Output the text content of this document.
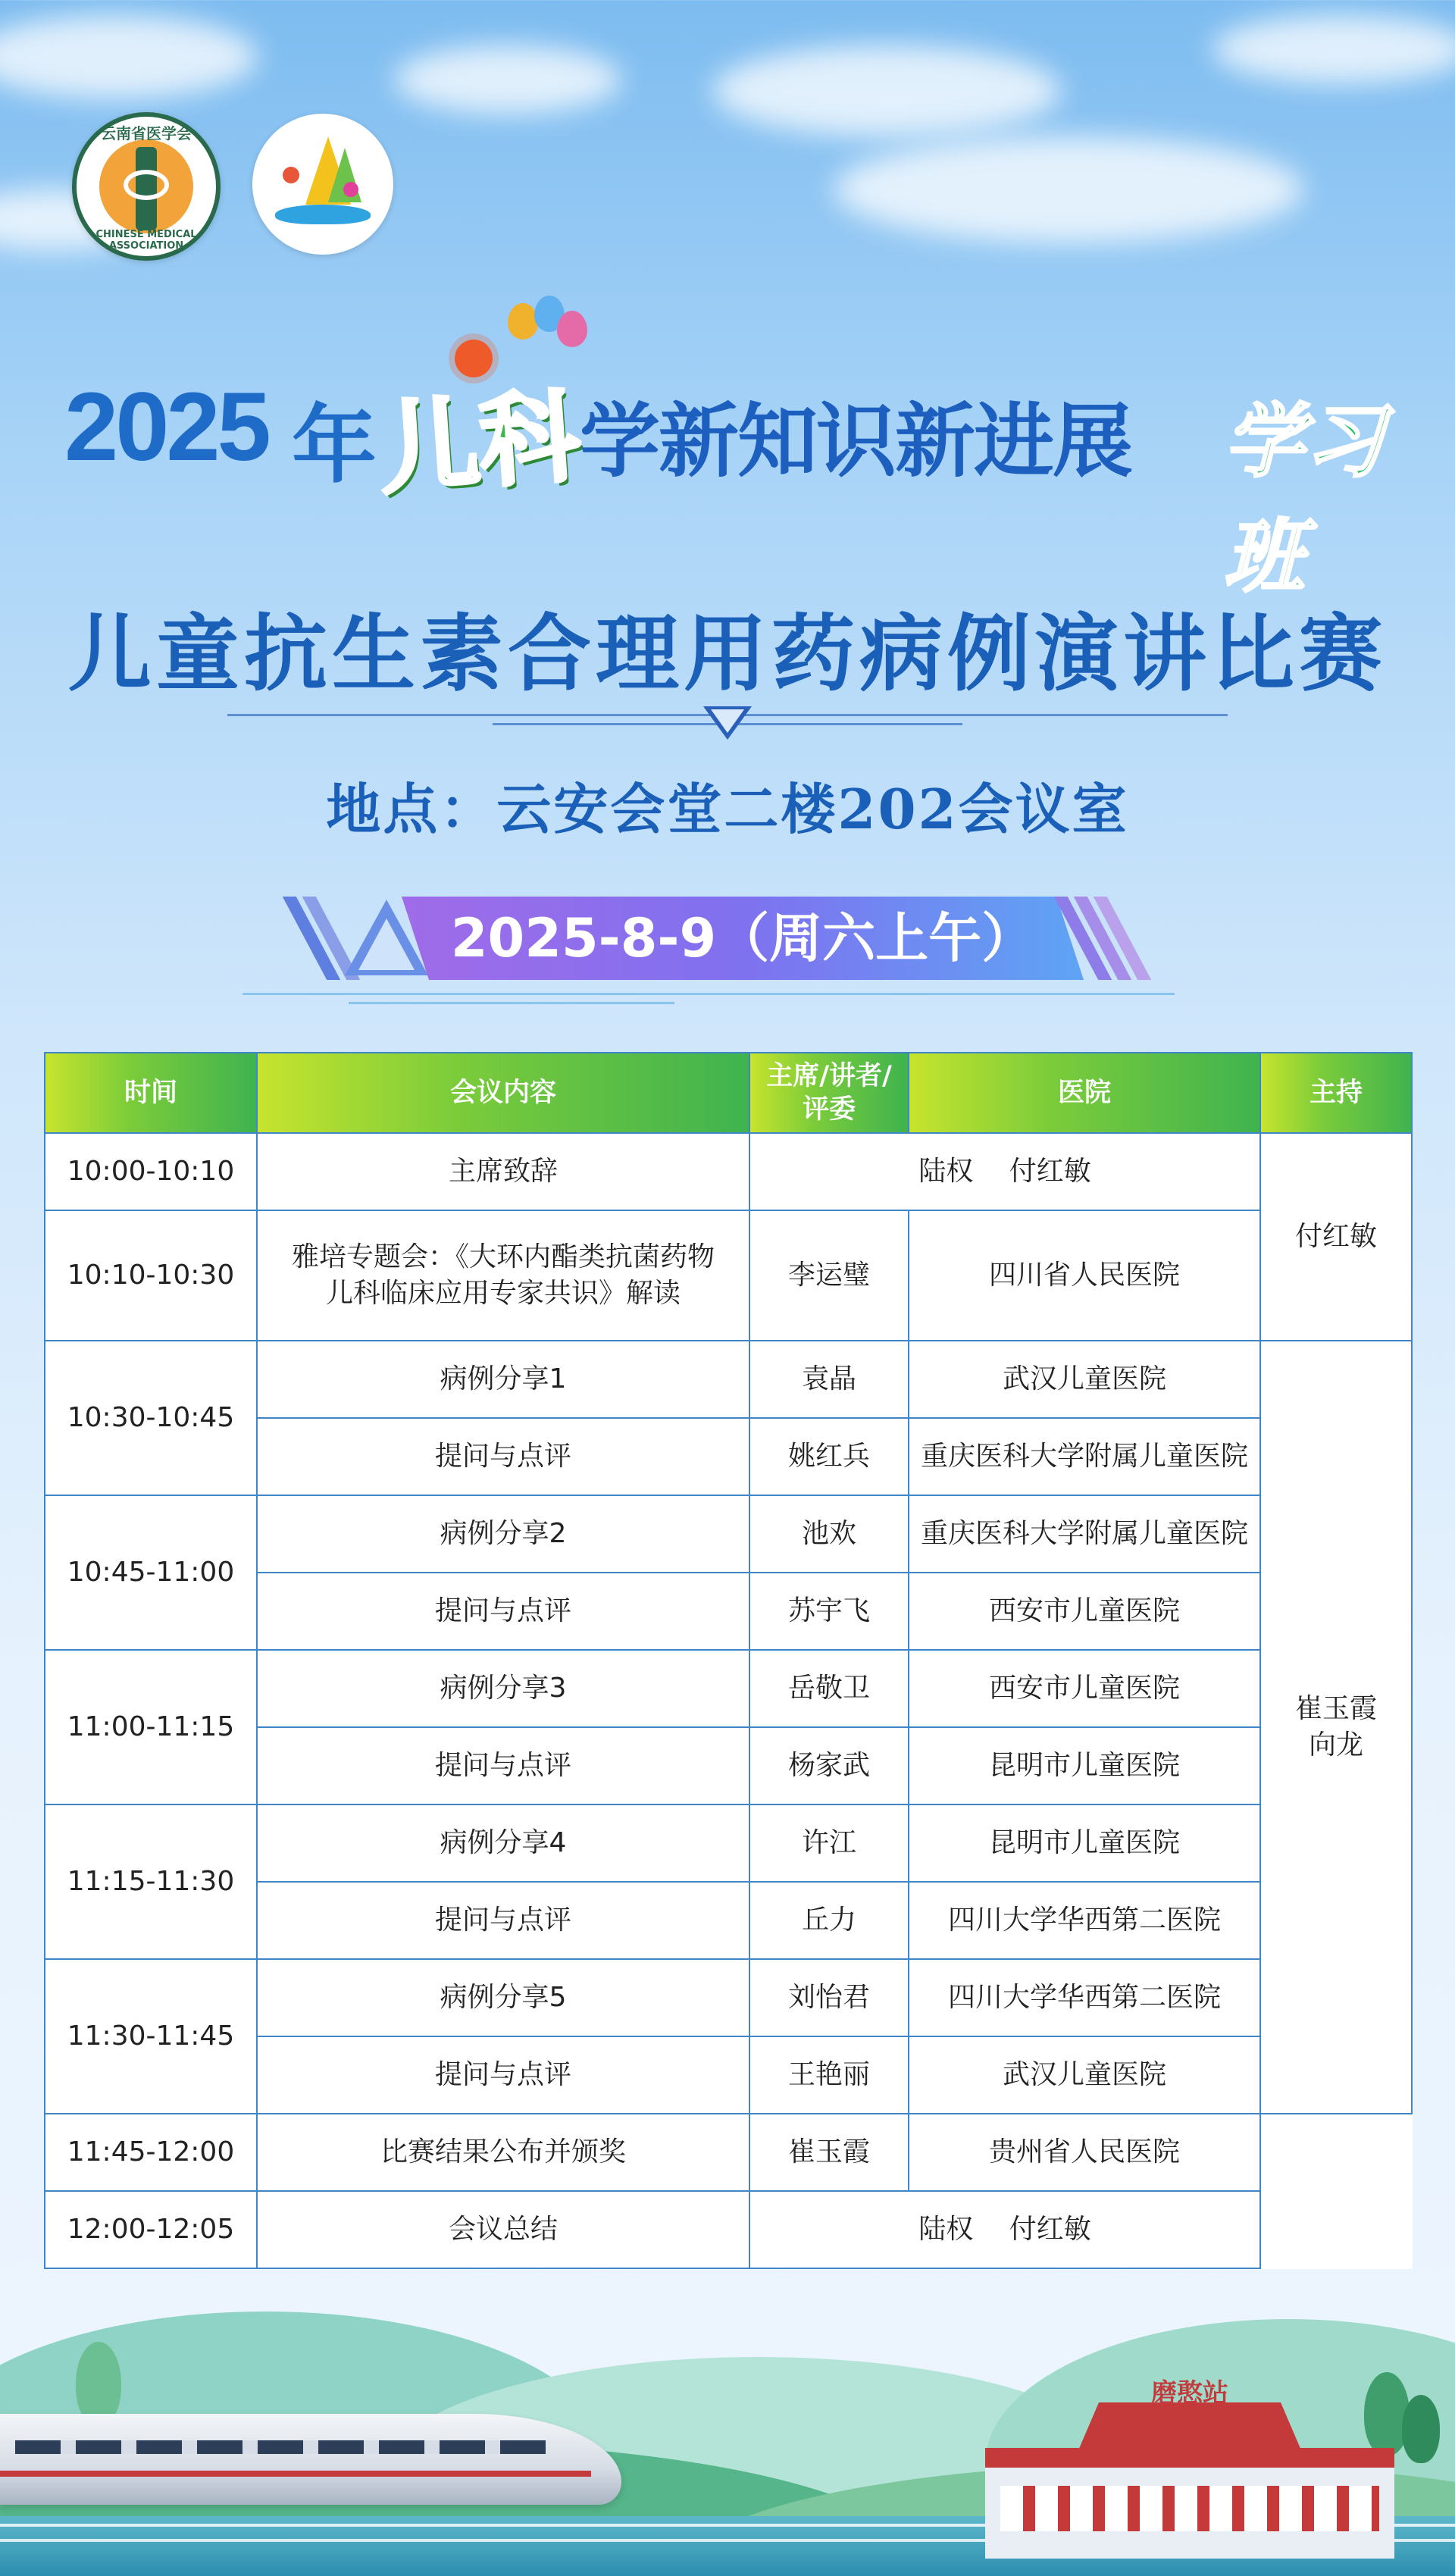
云南省医学会
CHINESE MEDICAL ASSOCIATION
2025 年
儿科
学新知识新进展 学习班
儿童抗生素合理用药病例演讲比赛
地点：云安会堂二楼202会议室
2025-8-9（周六上午）
时间	会议内容	主席/讲者/评委	医院	主持
10:00-10:10	主席致辞	陆权　 付红敏		付红敏
10:10-10:30	雅培专题会：《大环内酯类抗菌药物儿科临床应用专家共识》解读	李运璧	四川省人民医院	
10:30-10:45	病例分享1	袁晶	武汉儿童医院	崔玉霞
向龙

	提问与点评	姚红兵	重庆医科大学附属儿童医院	
10:45-11:00	病例分享2	池欢	重庆医科大学附属儿童医院	
	提问与点评	苏宇飞	西安市儿童医院	
11:00-11:15	病例分享3	岳敬卫	西安市儿童医院	
	提问与点评	杨家武	昆明市儿童医院	
11:15-11:30	病例分享4	许江	昆明市儿童医院	
	提问与点评	丘力	四川大学华西第二医院	
11:30-11:45	病例分享5	刘怡君	四川大学华西第二医院	
	提问与点评	王艳丽	武汉儿童医院	
11:45-12:00	比赛结果公布并颁奖	崔玉霞	贵州省人民医院	
12:00-12:05	会议总结	陆权　 付红敏		
磨憨站
